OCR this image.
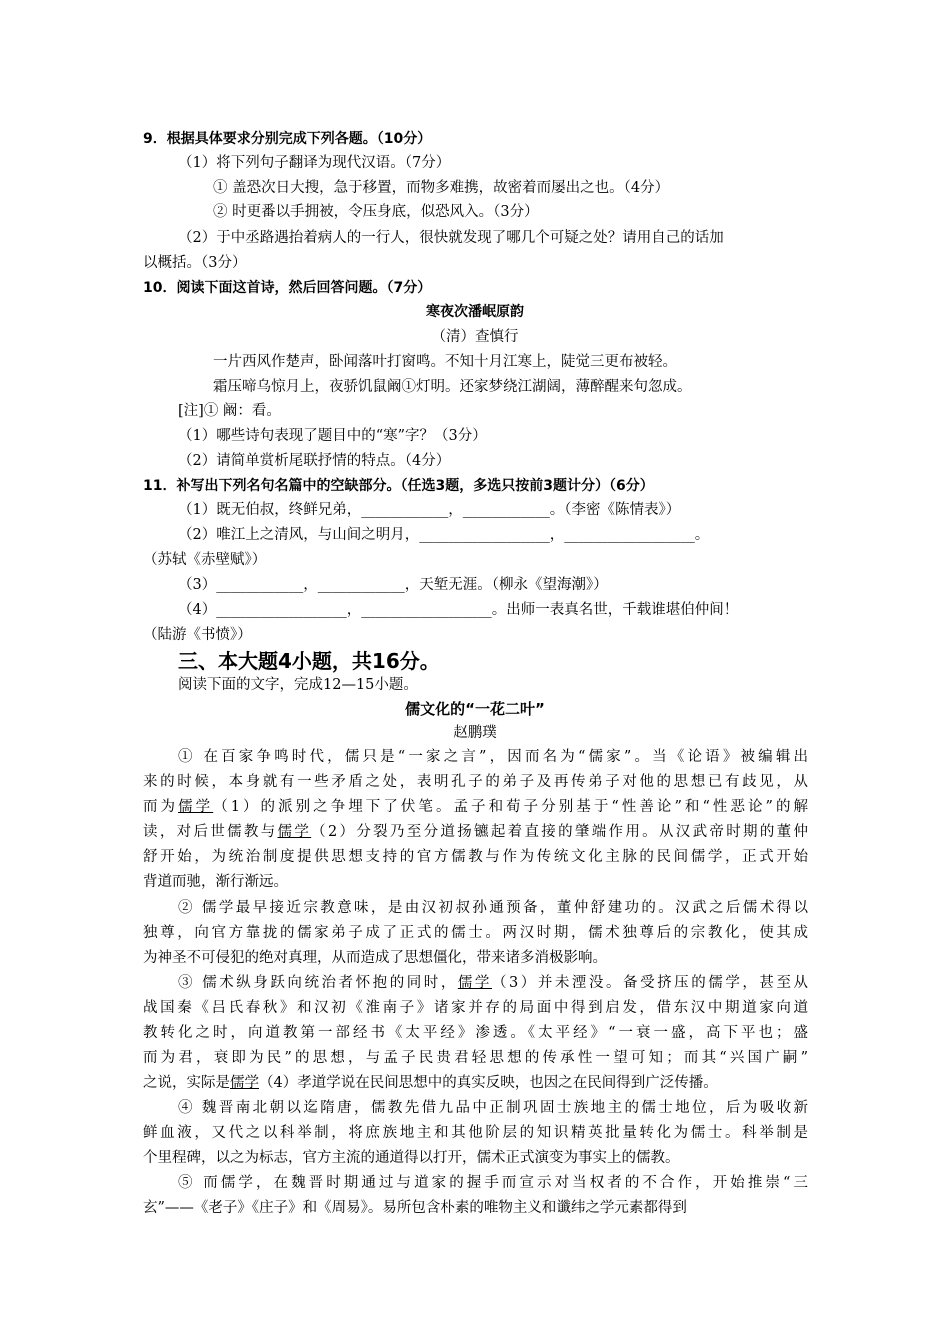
9．根据具体要求分别完成下列各题。（10分）
（1）将下列句子翻译为现代汉语。（7分）
① 盖恐次日大搜，急于移置，而物多难携，故密着而屡出之也。（4分）
② 时更番以手拥被，令压身底，似恐风入。（3分）
（2）于中丞路遇抬着病人的一行人，很快就发现了哪几个可疑之处？请用自己的话加
以概括。（3分）
10．阅读下面这首诗，然后回答问题。（7分）
寒夜次潘岷原韵
（清）查慎行
一片西风作楚声，卧闻落叶打窗鸣。不知十月江寒上，陡觉三更布被轻。
霜压啼乌惊月上，夜骄饥鼠阚①灯明。还家梦绕江湖阔，薄醉醒来句忽成。
[注]① 阚：看。
（1）哪些诗句表现了题目中的“寒”字？（3分）
（2）请简单赏析尾联抒情的特点。（4分）
11．补写出下列名句名篇中的空缺部分。（任选3题，多选只按前3题计分）（6分）
（1）既无伯叔，终鲜兄弟，____________，____________。（李密《陈情表》）
（2）唯江上之清风，与山间之明月，__________________，__________________。
（苏轼《赤壁赋》）
（3）____________，____________，天堑无涯。（柳永《望海潮》）
（4）__________________，__________________。出师一表真名世，千载谁堪伯仲间！
（陆游《书愤》）
三、本大题4小题，共16分。
阅读下面的文字，完成12—15小题。
儒文化的“一花二叶”
赵鹏璞
① 在百家争鸣时代，儒只是“一家之言”，因而名为“儒家”。当《论语》被编辑出
来的时候，本身就有一些矛盾之处，表明孔子的弟子及再传弟子对他的思想已有歧见，从
而为儒学（1）的派别之争埋下了伏笔。孟子和荀子分别基于“性善论”和“性恶论”的解
读，对后世儒教与儒学（2）分裂乃至分道扬镳起着直接的肇端作用。从汉武帝时期的董仲
舒开始，为统治制度提供思想支持的官方儒教与作为传统文化主脉的民间儒学，正式开始
背道而驰，渐行渐远。
② 儒学最早接近宗教意味，是由汉初叔孙通预备，董仲舒建功的。汉武之后儒术得以
独尊，向官方靠拢的儒家弟子成了正式的儒士。两汉时期，儒术独尊后的宗教化，使其成
为神圣不可侵犯的绝对真理，从而造成了思想僵化，带来诸多消极影响。
③ 儒术纵身跃向统治者怀抱的同时，儒学（3）并未湮没。备受挤压的儒学，甚至从
战国秦《吕氏春秋》和汉初《淮南子》诸家并存的局面中得到启发，借东汉中期道家向道
教转化之时，向道教第一部经书《太平经》渗透。《太平经》“一衰一盛，高下平也；盛
而为君，衰即为民”的思想，与孟子民贵君轻思想的传承性一望可知；而其“兴国广嗣”
之说，实际是儒学（4）孝道学说在民间思想中的真实反映，也因之在民间得到广泛传播。
④ 魏晋南北朝以迄隋唐，儒教先借九品中正制巩固士族地主的儒士地位，后为吸收新
鲜血液，又代之以科举制，将庶族地主和其他阶层的知识精英批量转化为儒士。科举制是
个里程碑，以之为标志，官方主流的通道得以打开，儒术正式演变为事实上的儒教。
⑤ 而儒学，在魏晋时期通过与道家的握手而宣示对当权者的不合作，开始推崇“三
玄”——《老子》《庄子》和《周易》。易所包含朴素的唯物主义和谶纬之学元素都得到
